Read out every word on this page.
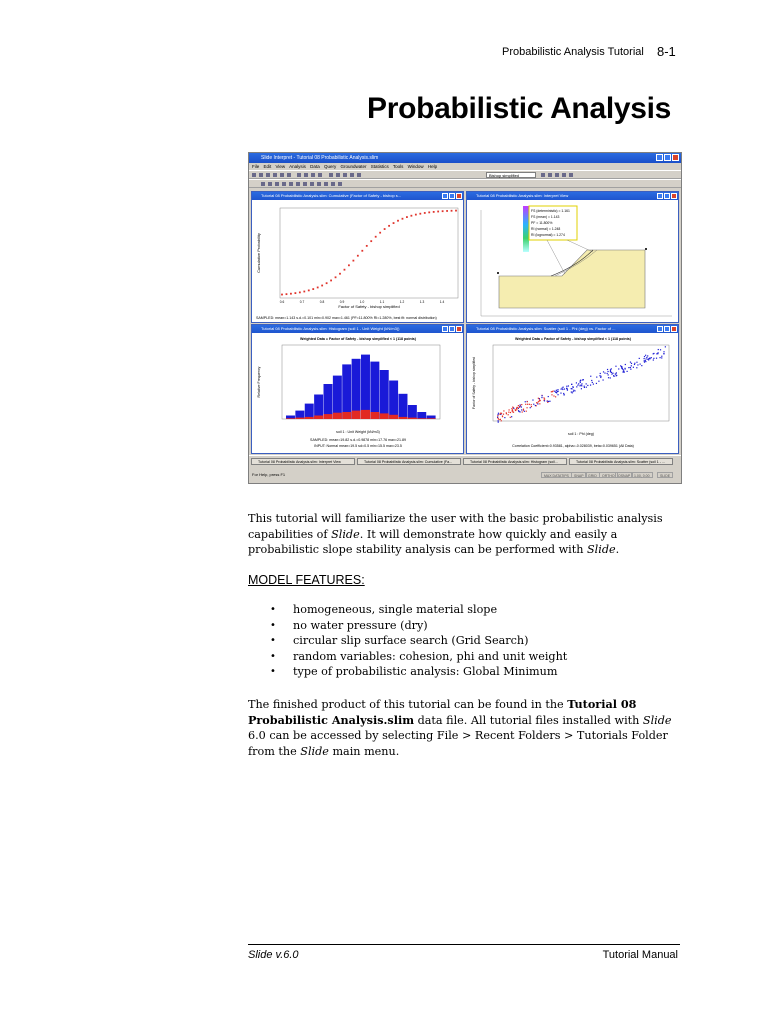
Probabilistic Analysis Tutorial 8-1
Probabilistic Analysis
Slide Interpret - Tutorial 08 Probabilistic Analysis.slim
File Edit View Analysis Data Query Groundwater Statistics Tools Window Help
Bishop simplified
Tutorial 08 Probabilistic Analysis.slim: Cumulative (Factor of Safety - bishop s...
Factor of Safety - bishop simplified
Cumulative Probability
SAMPLED: mean=1.143 s.d.=0.101 min=0.902 max=1.461 (PF=11.800% RI=1.280%, best fit: normal distribution)
0.6	0.7	0.8	0.9	1.0	1.1	1.2	1.3	1.4
Tutorial 08 Probabilistic Analysis.slim: Interpret View
FS (deterministic) = 1.161
FS (mean) = 1.143
PF = 11.800%
RI (normal) = 1.248
RI (lognormal) = 1.274
Tutorial 08 Probabilistic Analysis.slim: Histogram (soil 1 - Unit Weight (kN/m3))
Weighted Data = Factor of Safety - bishop simplified < 1 (118 points)
soil 1 : Unit Weight (kN/m3)
Relative Frequency
SAMPLED: mean=19.82 s.d.=0.9878 min=17.76 max=21.89
INPUT: Normal mean=19.5 sd=0.5 min=15.5 max=23.5
Tutorial 08 Probabilistic Analysis.slim: Scatter (soil 1 - Phi (deg) vs. Factor of ...
Weighted Data = Factor of Safety - bishop simplified < 1 (118 points)
soil 1 : Phi (deg)
Factor of Safety - bishop simplified
Correlation Coefficient=0.93581, alpha=-0.028039, beta=0.039651 (All Data)
Tutorial 08 Probabilistic Analysis.slim: Interpret View	Tutorial 08 Probabilistic Analysis.slim: Cumulative (Fa...	Tutorial 08 Probabilistic Analysis.slim: Histogram (soil...	Tutorial 08 Probabilistic Analysis.slim: Scatter (soil 1 - ...
For Help, press F1	MAX DATATIPS	SNAP	GRID	ORTHO OSNAP	1.00, 0.00	SLIDE
This tutorial will familiarize the user with the basic probabilistic analysis capabilities of Slide. It will demonstrate how quickly and easily a probabilistic slope stability analysis can be performed with Slide.
MODEL FEATURES:
• homogeneous, single material slope
• no water pressure (dry)
• circular slip surface search (Grid Search)
• random variables: cohesion, phi and unit weight
• type of probabilistic analysis: Global Minimum
The finished product of this tutorial can be found in the Tutorial 08 Probabilistic Analysis.slim data file. All tutorial files installed with Slide 6.0 can be accessed by selecting File > Recent Folders > Tutorials Folder from the Slide main menu.
Slide v.6.0	Tutorial Manual
